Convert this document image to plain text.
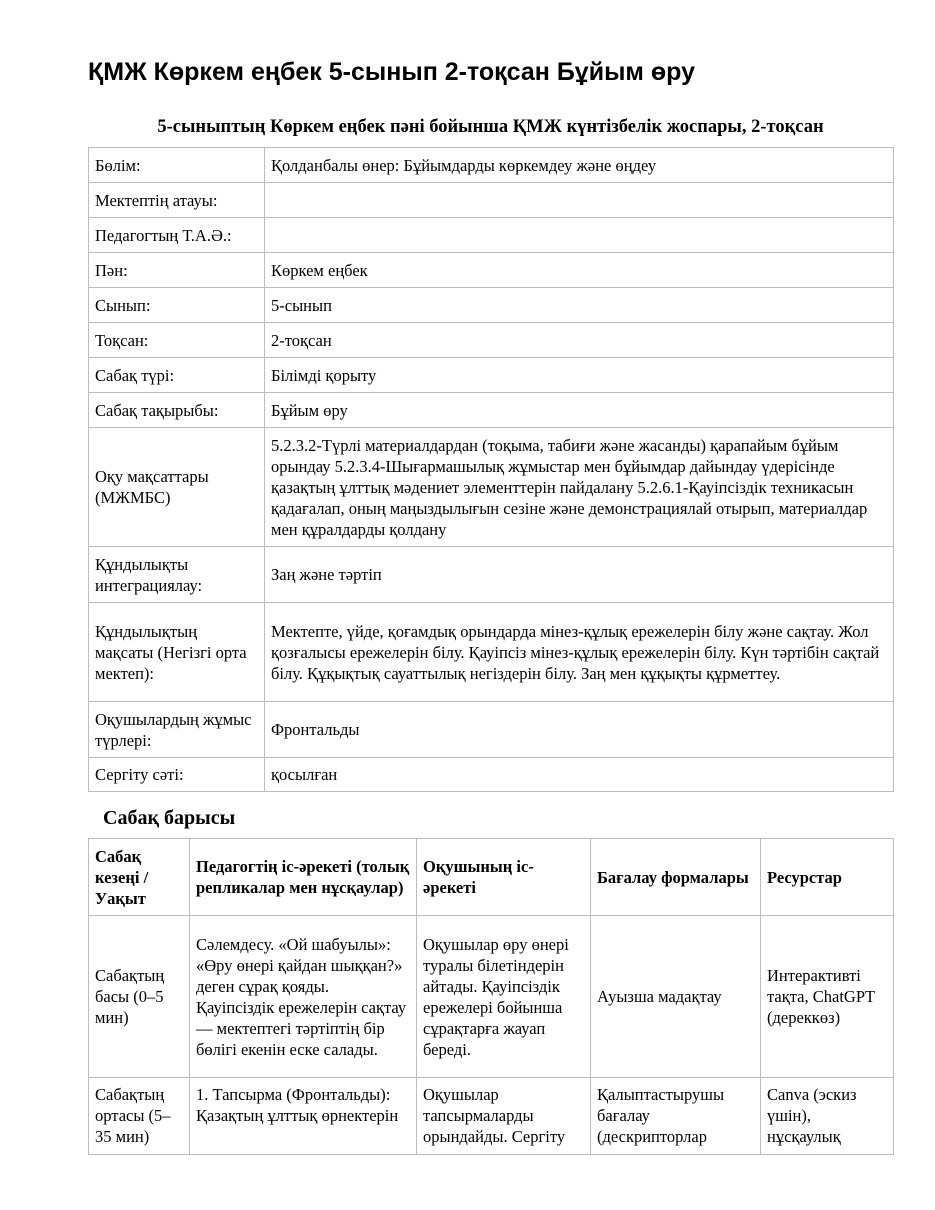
ҚМЖ Көркем еңбек 5-сынып 2-тоқсан Бұйым өру
5-сыныптың Көркем еңбек пәні бойынша ҚМЖ күнтізбелік жоспары, 2-тоқсан
Бөлім:	Қолданбалы өнер: Бұйымдарды көркемдеу және өңдеу
Мектептің атауы:	
Педагогтың Т.А.Ә.:	
Пән:	Көркем еңбек
Сынып:	5-сынып
Тоқсан:	2-тоқсан
Сабақ түрі:	Білімді қорыту
Сабақ тақырыбы:	Бұйым өру
Оқу мақсаттары (МЖМБС)	5.2.3.2-Түрлі материалдардан (тоқыма, табиғи және жасанды) қарапайым бұйым орындау 5.2.3.4-Шығармашылық жұмыстар мен бұйымдар дайындау үдерісінде қазақтың ұлттық мәдениет элементтерін пайдалану 5.2.6.1-Қауіпсіздік техникасын қадағалап, оның маңыздылығын сезіне және демонстрациялай отырып, материалдар мен құралдарды қолдану
Құндылықты интеграциялау:	Заң және тәртіп
Құндылықтың мақсаты (Негізгі орта мектеп):	Мектепте, үйде, қоғамдық орындарда мінез-құлық ережелерін білу және сақтау. Жол қозғалысы ережелерін білу. Қауіпсіз мінез-құлық ережелерін білу. Күн тәртібін сақтай білу. Құқықтық сауаттылық негіздерін білу. Заң мен құқықты құрметтеу.
Оқушылардың жұмыс түрлері:	Фронтальды
Сергіту сәті:	қосылған
Сабақ барысы
Сабақ кезеңі / Уақыт	Педагогтің іс-әрекеті (толық репликалар мен нұсқаулар)	Оқушының іс-әрекеті	Бағалау формалары	Ресурстар
Сабақтың басы (0–5 мин)	Сәлемдесу. «Ой шабуылы»: «Өру өнері қайдан шыққан?» деген сұрақ қояды. Қауіпсіздік ережелерін сақтау — мектептегі тәртіптің бір бөлігі екенін еске салады.	Оқушылар өру өнері туралы білетіндерін айтады. Қауіпсіздік ережелері бойынша сұрақтарға жауап береді.	Ауызша мадақтау	Интерактивті тақта, ChatGPT (дереккөз)
Сабақтың ортасы (5–35 мин)	1. Тапсырма (Фронтальды): Қазақтың ұлттық өрнектерін	Оқушылар тапсырмаларды орындайды. Сергіту	Қалыптастырушы бағалау (дескрипторлар	Canva (эскиз үшін), нұсқаулық
